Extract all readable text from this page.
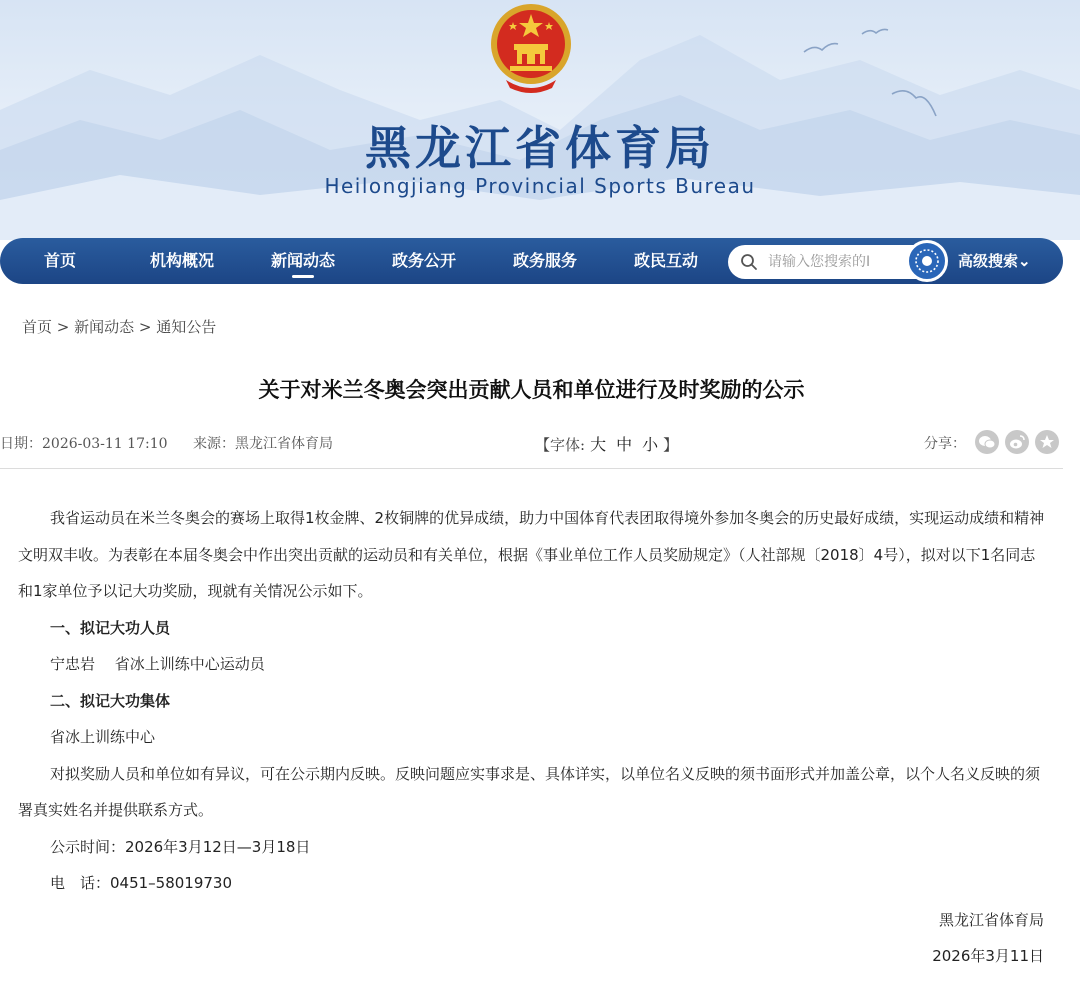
黑龙江省体育局
Heilongjiang Provincial Sports Bureau
首页	机构概况	新闻动态	政务公开	政务服务	政民互动
请输入您搜索的I	高级搜索⌄
首页 > 新闻动态 > 通知公告
关于对米兰冬奥会突出贡献人员和单位进行及时奖励的公示
日期：2026-03-11 17:10 来源：黑龙江省体育局	【字体: 大 中 小 】	分享：

我省运动员在米兰冬奥会的赛场上取得1枚金牌、2枚铜牌的优异成绩，助力中国体育代表团取得境外参加冬奥会的历史最好成绩，实现运动成绩和精神文明双丰收。为表彰在本届冬奥会中作出突出贡献的运动员和有关单位，根据《事业单位工作人员奖励规定》（人社部规〔2018〕4号），拟对以下1名同志和1家单位予以记大功奖励，现就有关情况公示如下。

一、拟记大功人员

宁忠岩　 省冰上训练中心运动员

二、拟记大功集体

省冰上训练中心

对拟奖励人员和单位如有异议，可在公示期内反映。反映问题应实事求是、具体详实，以单位名义反映的须书面形式并加盖公章，以个人名义反映的须署真实姓名并提供联系方式。

公示时间：2026年3月12日—3月18日

电　话：0451–58019730

黑龙江省体育局

2026年3月11日
